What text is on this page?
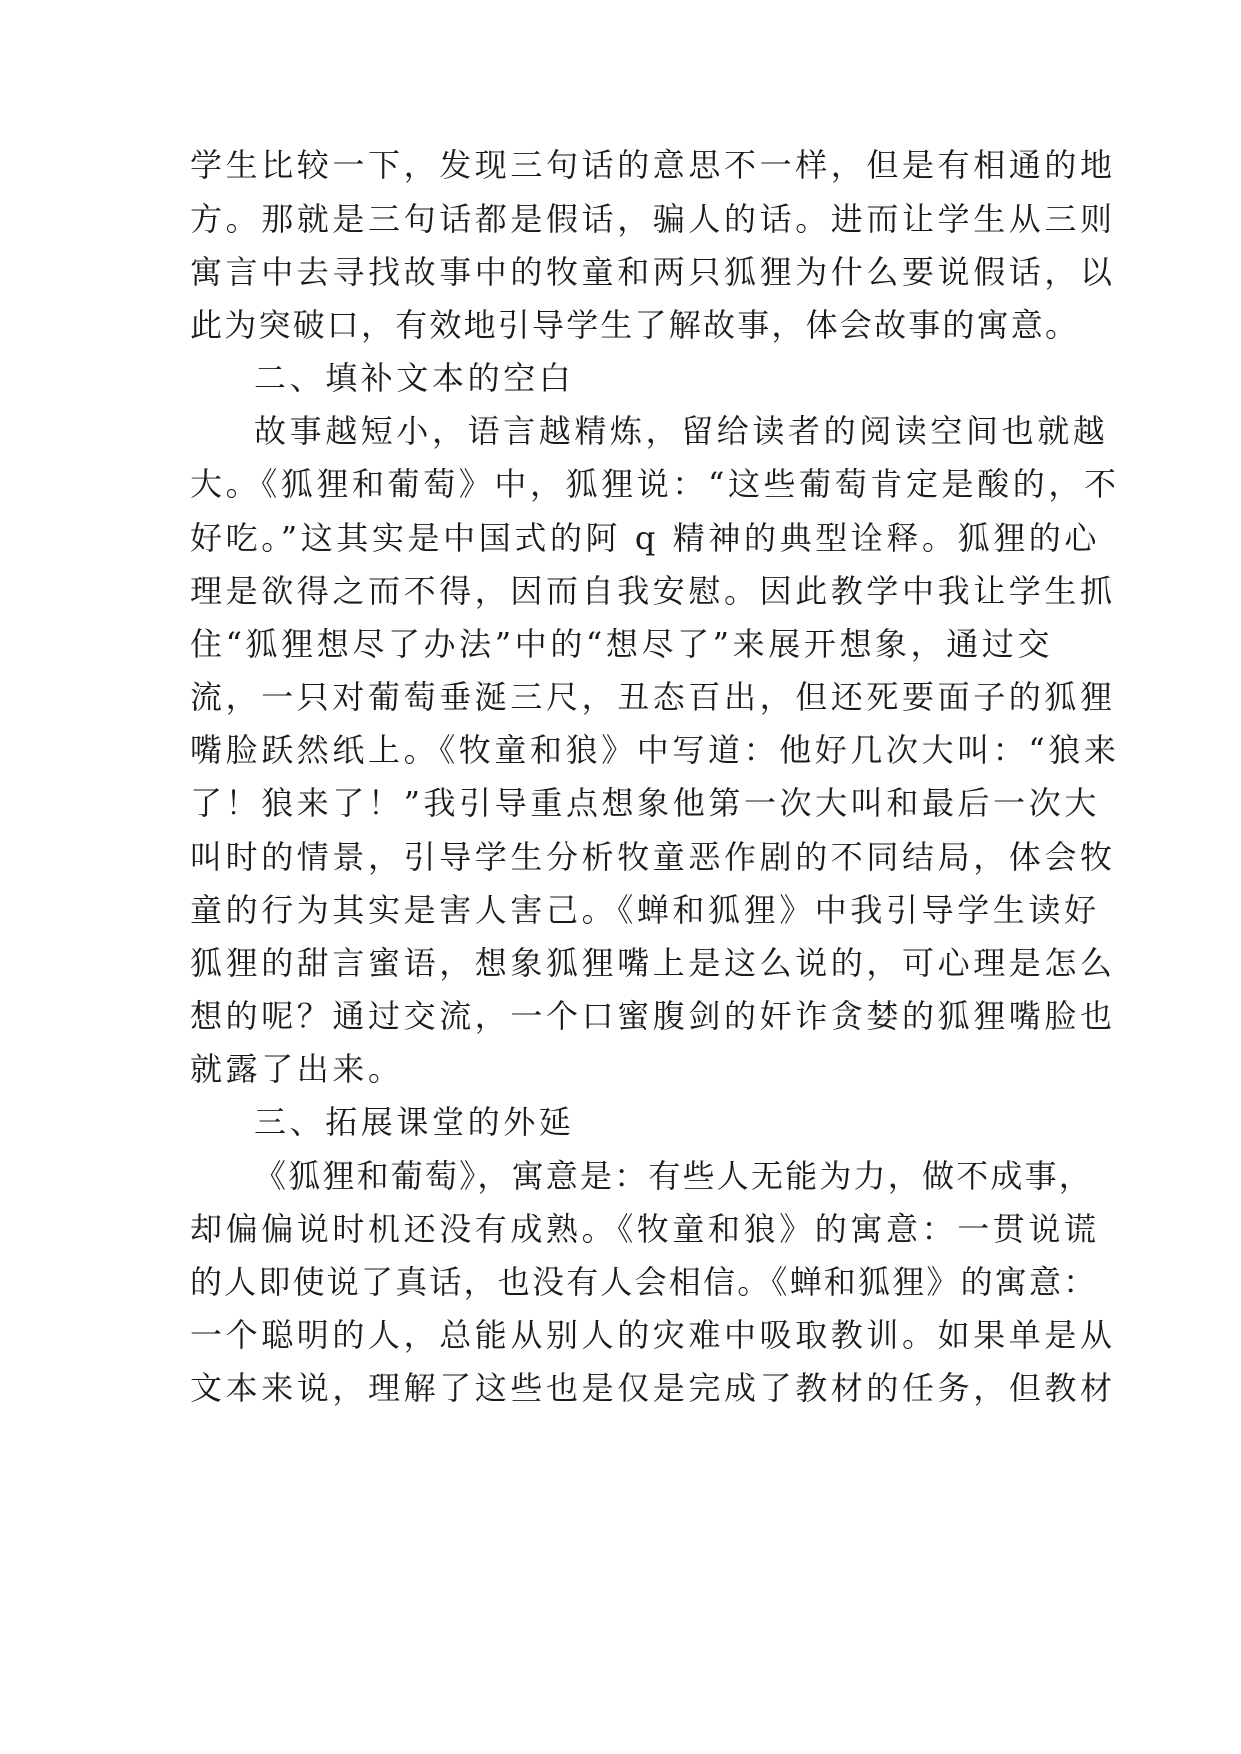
学生比较一下，发现三句话的意思不一样，但是有相通的地
方。那就是三句话都是假话，骗人的话。进而让学生从三则
寓言中去寻找故事中的牧童和两只狐狸为什么要说假话，以
此为突破口，有效地引导学生了解故事，体会故事的寓意。
二、填补文本的空白
故事越短小，语言越精炼，留给读者的阅读空间也就越
大。《狐狸和葡萄》中，狐狸说：“这些葡萄肯定是酸的，不
好吃。”这其实是中国式的阿 q 精神的典型诠释。狐狸的心
理是欲得之而不得，因而自我安慰。因此教学中我让学生抓
住“狐狸想尽了办法”中的“想尽了”来展开想象，通过交
流，一只对葡萄垂涎三尺，丑态百出，但还死要面子的狐狸
嘴脸跃然纸上。《牧童和狼》中写道：他好几次大叫：“狼来
了！狼来了！”我引导重点想象他第一次大叫和最后一次大
叫时的情景，引导学生分析牧童恶作剧的不同结局，体会牧
童的行为其实是害人害己。《蝉和狐狸》中我引导学生读好
狐狸的甜言蜜语，想象狐狸嘴上是这么说的，可心理是怎么
想的呢？通过交流，一个口蜜腹剑的奸诈贪婪的狐狸嘴脸也
就露了出来。
三、拓展课堂的外延
《狐狸和葡萄》，寓意是：有些人无能为力，做不成事，
却偏偏说时机还没有成熟。《牧童和狼》的寓意：一贯说谎
的人即使说了真话，也没有人会相信。《蝉和狐狸》的寓意：
一个聪明的人，总能从别人的灾难中吸取教训。如果单是从
文本来说，理解了这些也是仅是完成了教材的任务，但教材
